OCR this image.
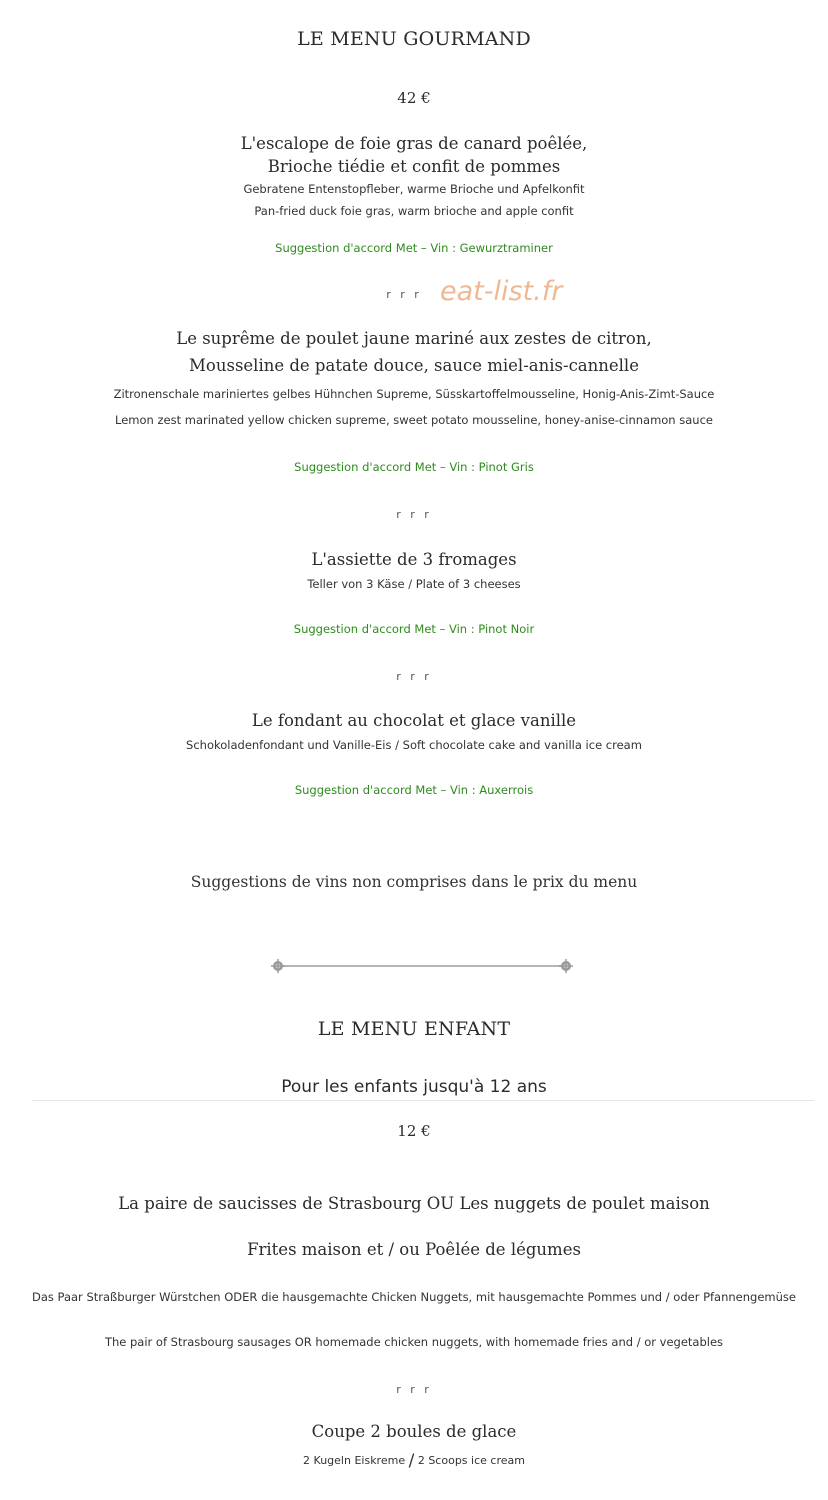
LE MENU GOURMAND
42 €
L'escalope de foie gras de canard poêlée,
Brioche tiédie et confit de pommes
Gebratene Entenstopfleber, warme Brioche und Apfelkonfit
Pan-fried duck foie gras, warm brioche and apple confit
Suggestion d'accord Met – Vin : Gewurztraminer
r r r eat-list.fr
Le suprême de poulet jaune mariné aux zestes de citron,
Mousseline de patate douce, sauce miel-anis-cannelle
Zitronenschale mariniertes gelbes Hühnchen Supreme, Süsskartoffelmousseline, Honig-Anis-Zimt-Sauce
Lemon zest marinated yellow chicken supreme, sweet potato mousseline, honey-anise-cinnamon sauce
Suggestion d'accord Met – Vin : Pinot Gris
r r r
L'assiette de 3 fromages
Teller von 3 Käse / Plate of 3 cheeses
Suggestion d'accord Met – Vin : Pinot Noir
r r r
Le fondant au chocolat et glace vanille
Schokoladenfondant und Vanille-Eis / Soft chocolate cake and vanilla ice cream
Suggestion d'accord Met – Vin : Auxerrois
Suggestions de vins non comprises dans le prix du menu
LE MENU ENFANT
Pour les enfants jusqu'à 12 ans
12 €
La paire de saucisses de Strasbourg OU Les nuggets de poulet maison
Frites maison et / ou Poêlée de légumes
Das Paar Straßburger Würstchen ODER die hausgemachte Chicken Nuggets, mit hausgemachte Pommes und / oder Pfannengemüse
The pair of Strasbourg sausages OR homemade chicken nuggets, with homemade fries and / or vegetables
r r r
Coupe 2 boules de glace
2 Kugeln Eiskreme / 2 Scoops ice cream
